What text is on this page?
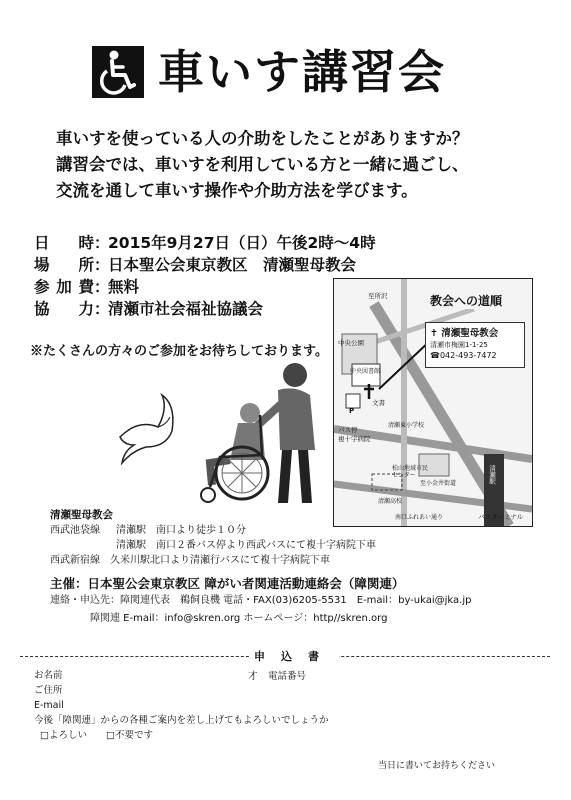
車いす講習会
車いすを使っている人の介助をしたことがありますか？
講習会では、車いすを利用している方と一緒に過ごし、
交流を通して車いす操作や介助方法を学びます。
日時 ：
2015年9月27日（日）午後2時〜4時
場所 ：
日本聖公会東京教区　清瀬聖母教会
参加費 ：
無料
協力 ：
清瀬市社会福祉協議会
※たくさんの方々のご参加をお待ちしております。
教会への道順
✝ 清瀬聖母教会
清瀬市梅園1-1-25
☎042-493-7472
至所沢
中央公園
中央図書館
清瀬駅
バス停
複十字病院
文書
清瀬東小学校
松山地域市民センター
清瀬高校
南口ふれあい通り	バスターミナル
至小金井街道
P
清瀬聖母教会
西武池袋線 清瀬駅　南口より徒歩１０分
清瀬駅　南口２番バス停より西武バスにて複十字病院下車
西武新宿線　 久米川駅北口より清瀬行バスにて複十字病院下車
主催：日本聖公会東京教区 障がい者関連活動連絡会（障関連）
連絡・申込先：障関連代表　鵜飼良機 電話・FAX(03)6205-5531　E-mail：by-ukai@jka.jp
障関連 E-mail：info@skren.org ホームページ：http//skren.org
申込書
お名前
ご住所
E-mail
今後「障関連」からの各種ご案内を差し上げてもよろしいでしょうか
□よろしい　　 □不要です
才 電話番号
当日に書いてお持ちください
